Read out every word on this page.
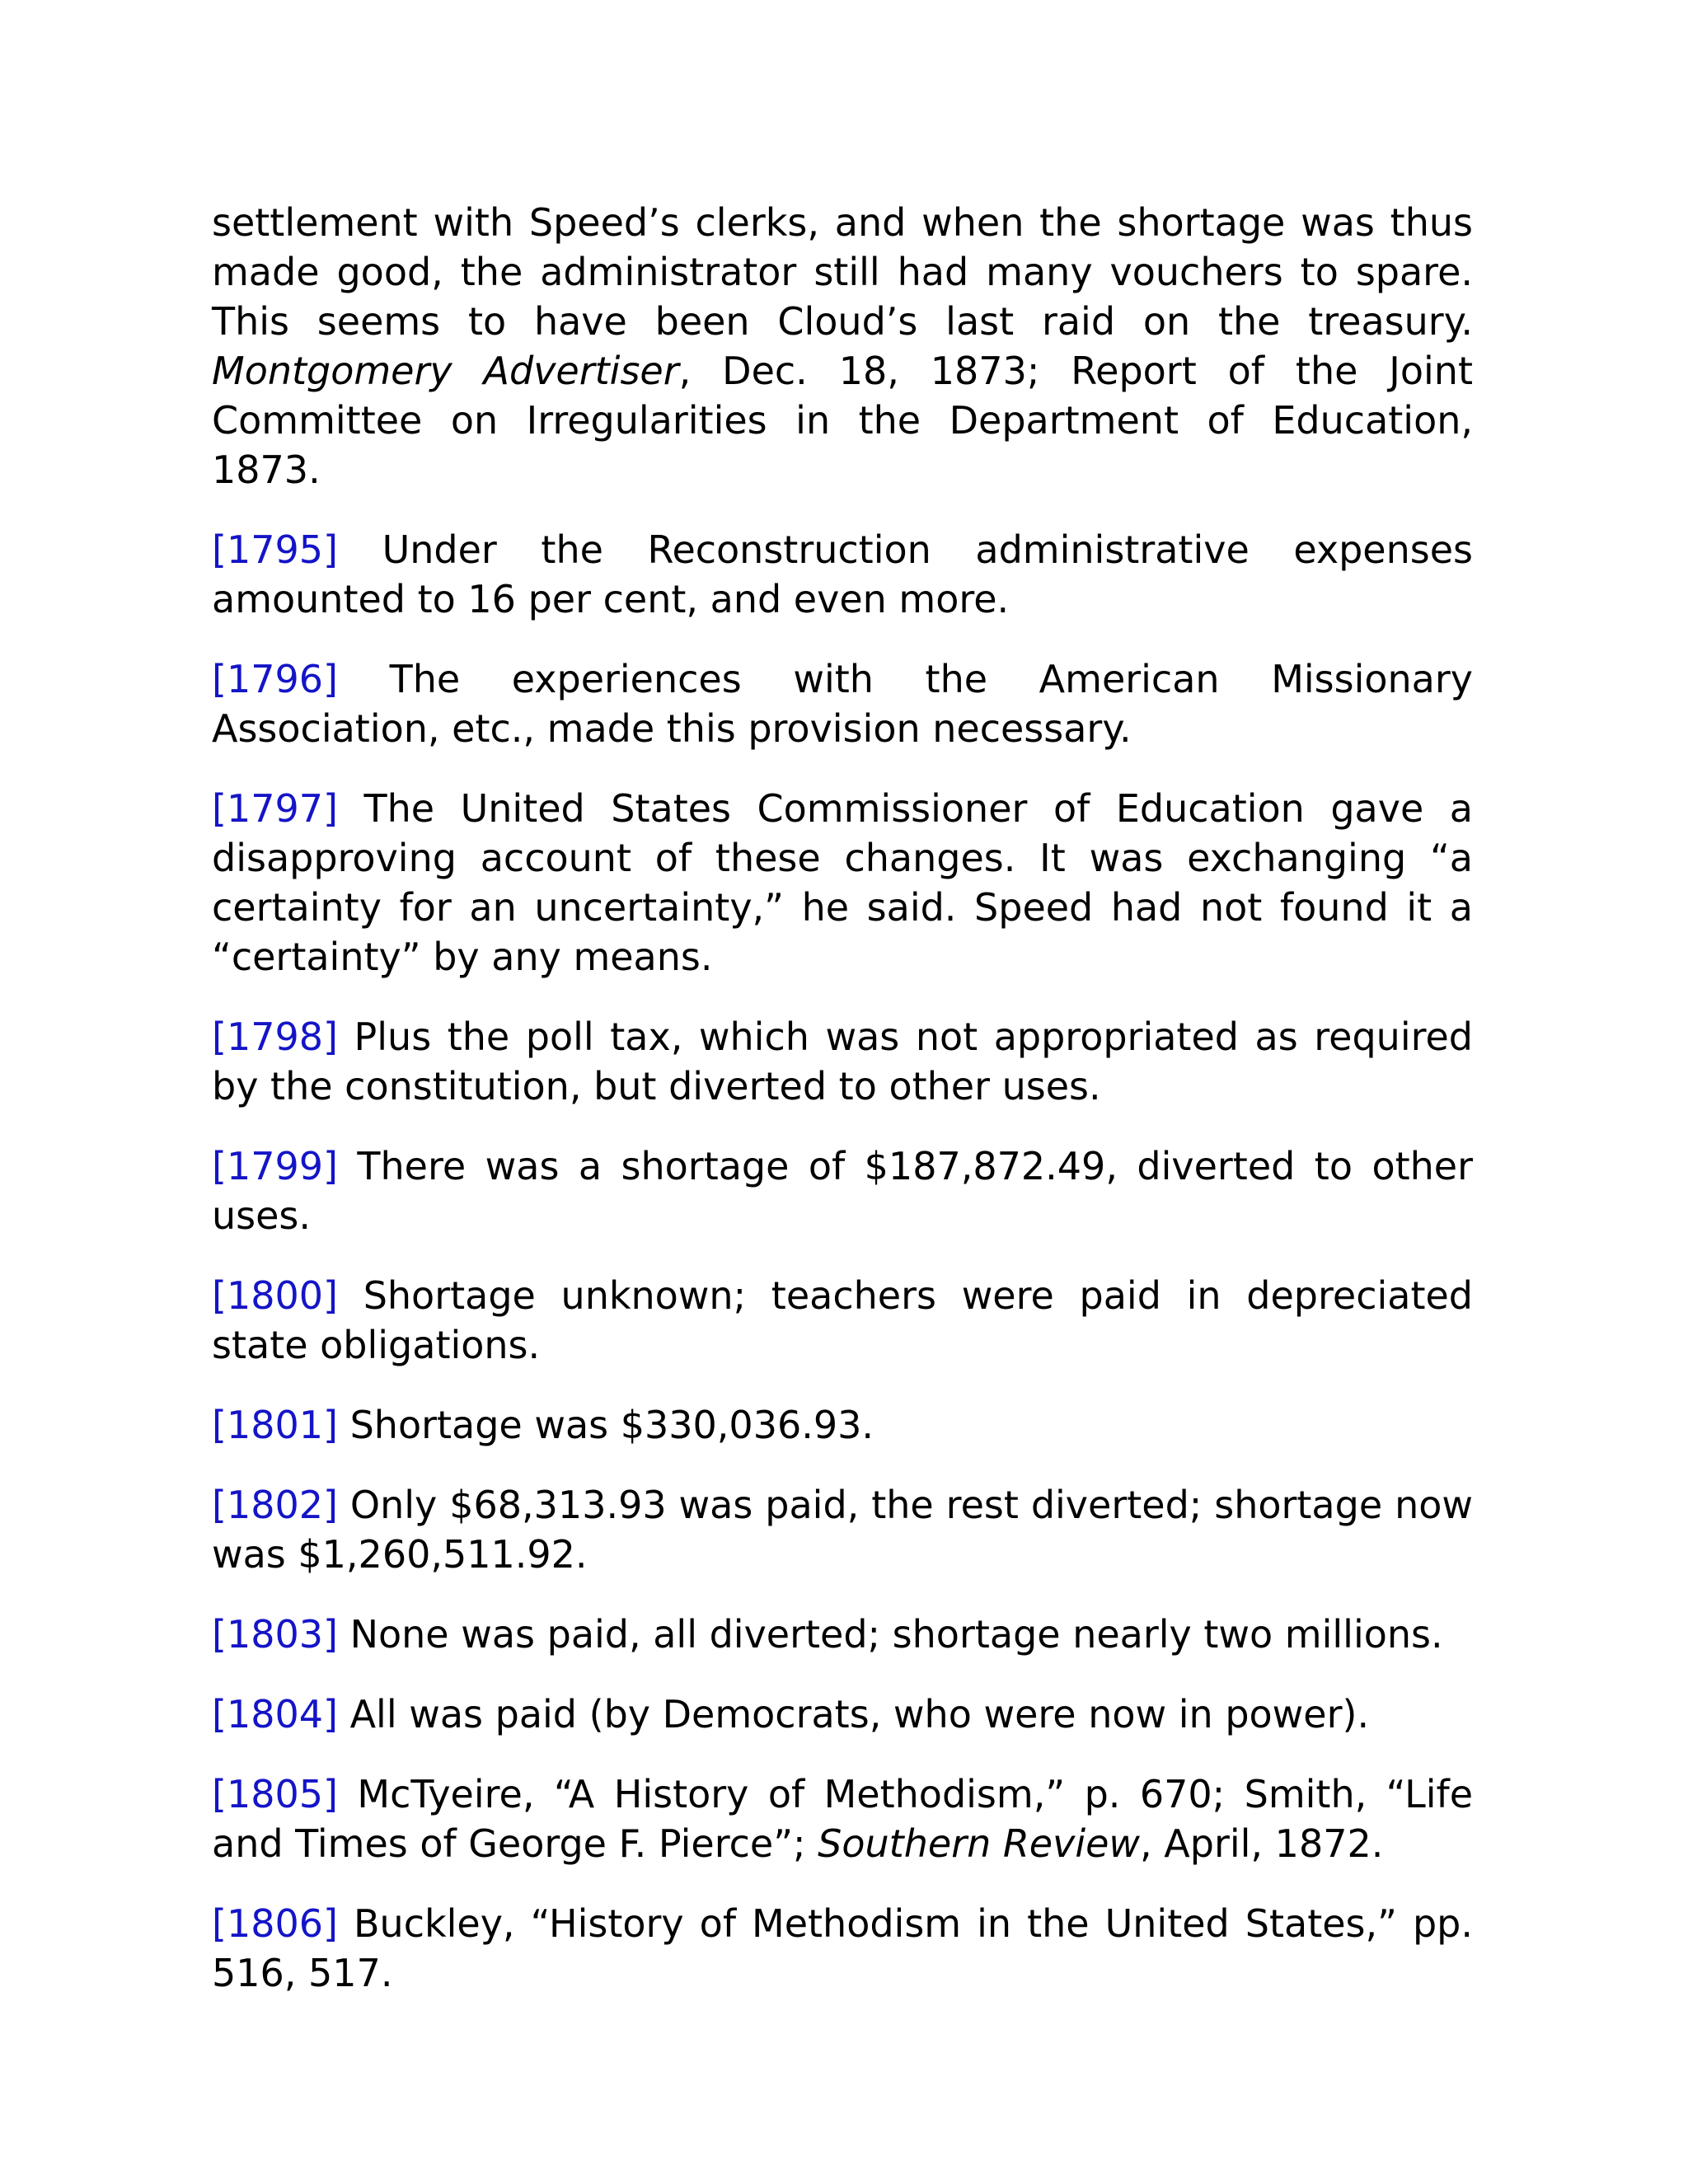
settlement with Speed’s clerks, and when the shortage was thus made good, the administrator still had many vouchers to spare. This seems to have been Cloud’s last raid on the treasury. Montgomery Advertiser, Dec. 18, 1873; Report of the Joint Committee on Irregularities in the Department of Education, 1873.

[1795] Under the Reconstruction administrative expenses amounted to 16 per cent, and even more.

[1796] The experiences with the American Missionary Association, etc., made this provision necessary.

[1797] The United States Commissioner of Education gave a disapproving account of these changes. It was exchanging “a certainty for an uncertainty,” he said. Speed had not found it a “certainty” by any means.

[1798] Plus the poll tax, which was not appropriated as required by the constitution, but diverted to other uses.

[1799] There was a shortage of $187,872.49, diverted to other uses.

[1800] Shortage unknown; teachers were paid in depreciated state obligations.

[1801] Shortage was $330,036.93.

[1802] Only $68,313.93 was paid, the rest diverted; shortage now was $1,260,511.92.

[1803] None was paid, all diverted; shortage nearly two millions.

[1804] All was paid (by Democrats, who were now in power).

[1805] McTyeire, “A History of Methodism,” p. 670; Smith, “Life and Times of George F. Pierce”; Southern Review, April, 1872.

[1806] Buckley, “History of Methodism in the United States,” pp. 516, 517.
